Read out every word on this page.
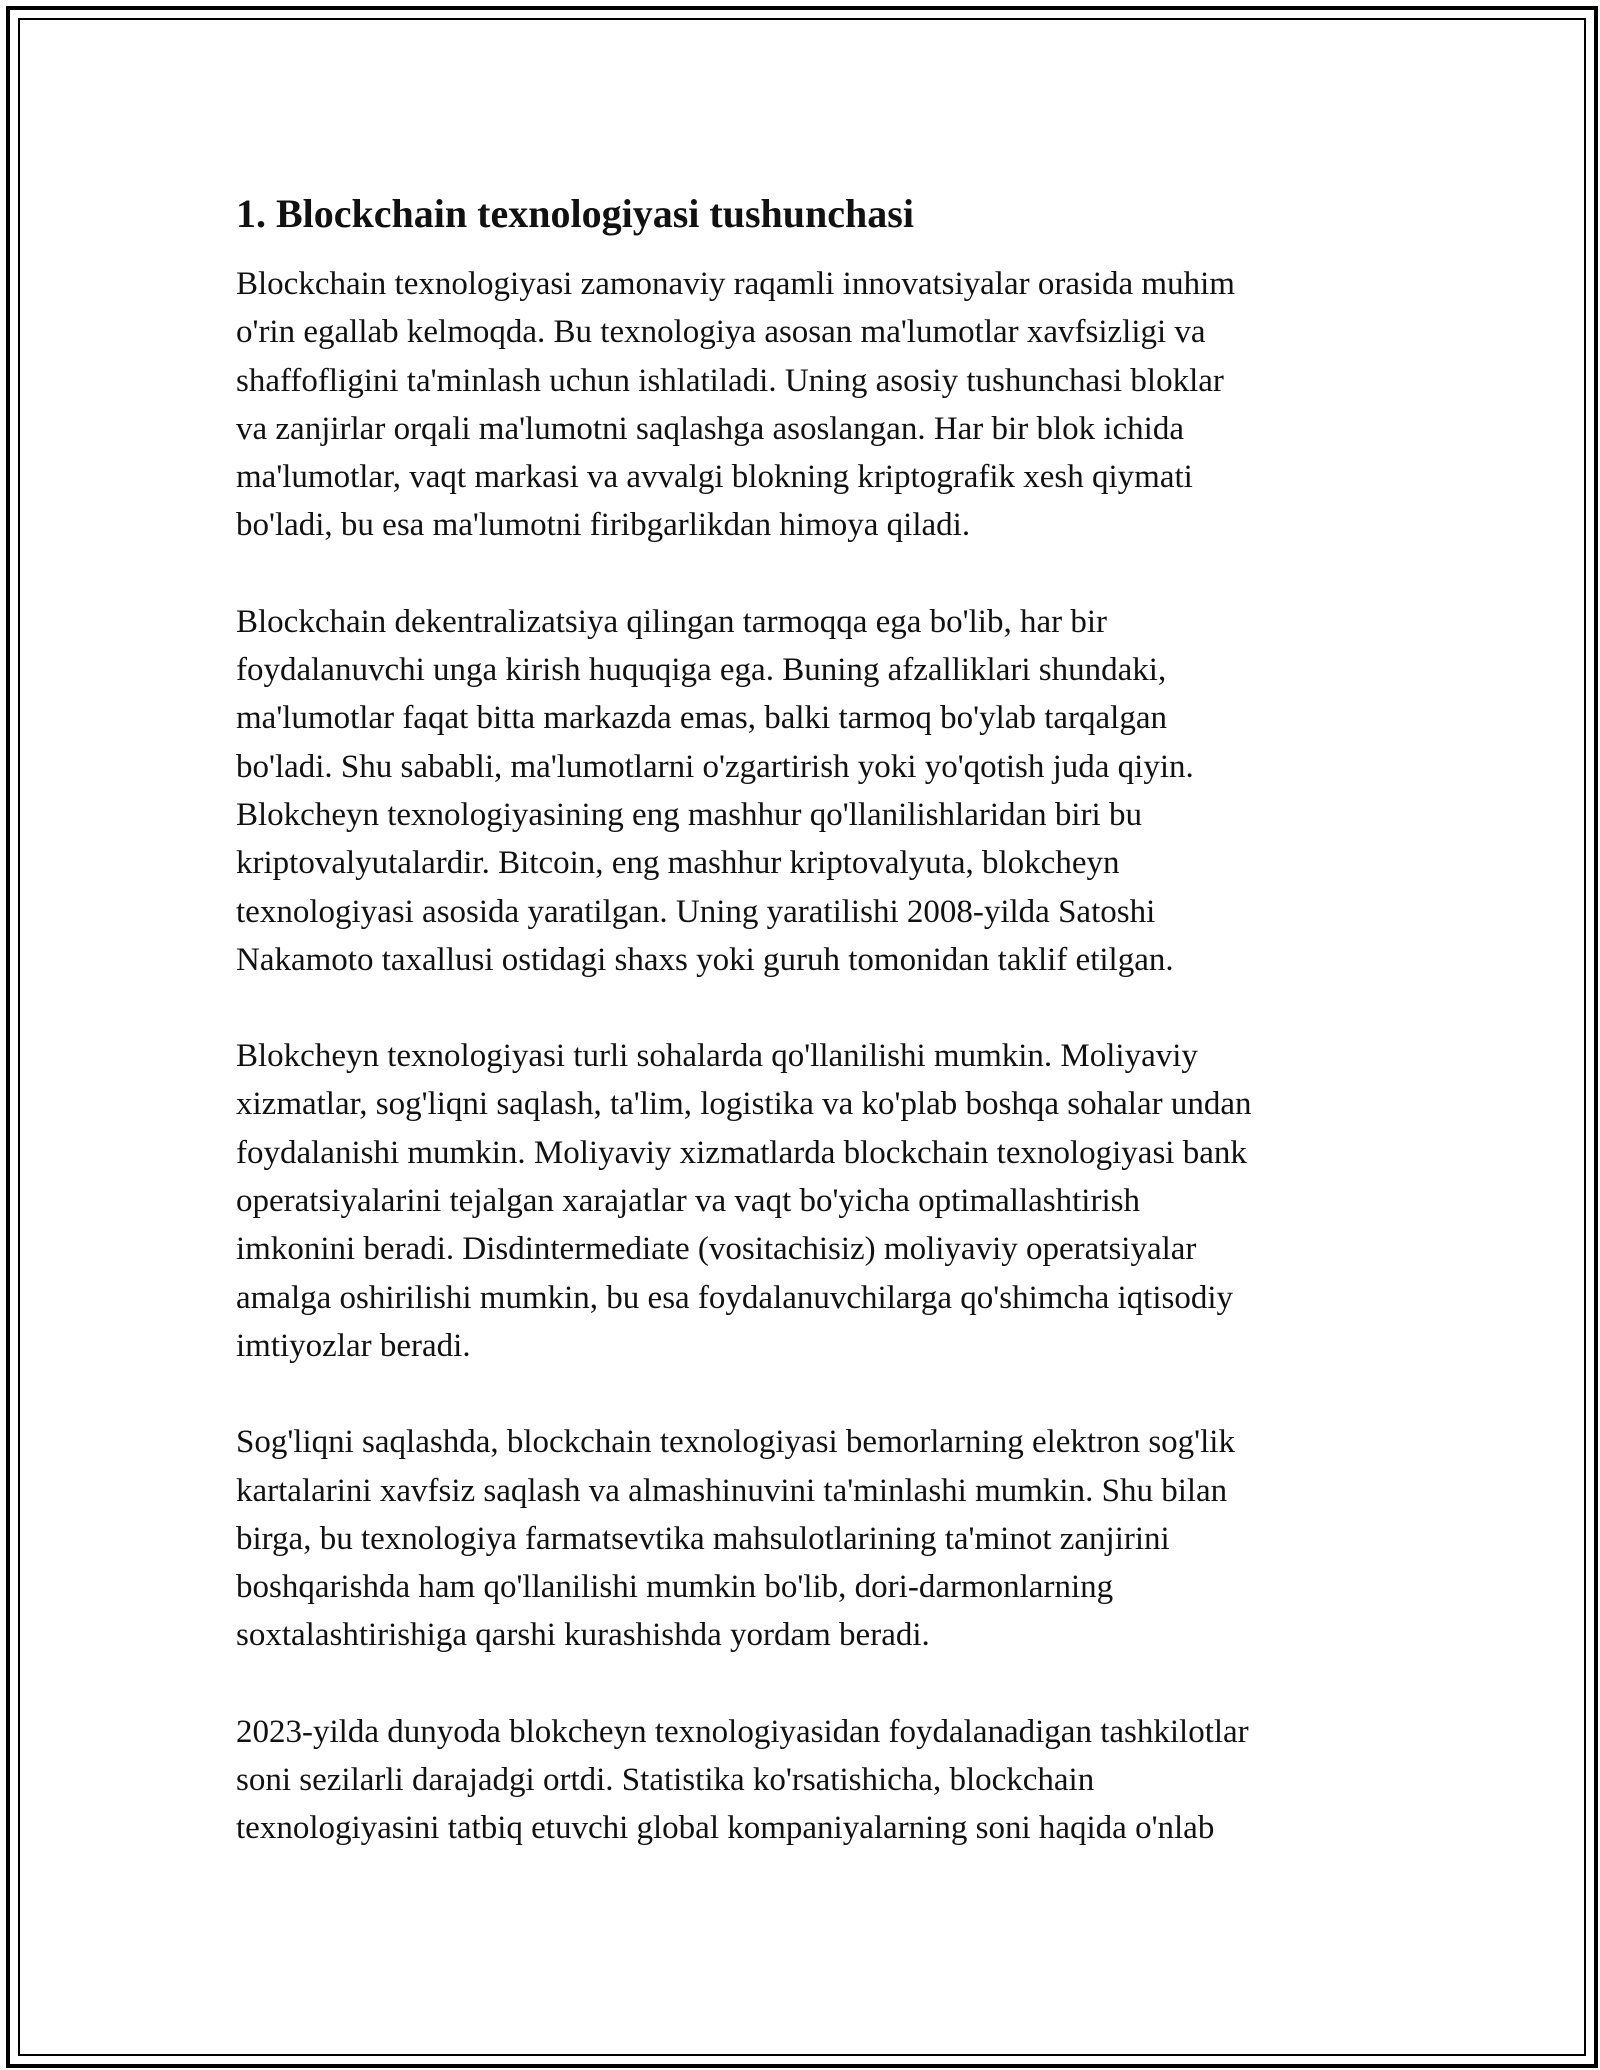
1. Blockchain texnologiyasi tushunchasi

Blockchain texnologiyasi zamonaviy raqamli innovatsiyalar orasida muhim
o'rin egallab kelmoqda. Bu texnologiya asosan ma'lumotlar xavfsizligi va
shaffofligini ta'minlash uchun ishlatiladi. Uning asosiy tushunchasi bloklar
va zanjirlar orqali ma'lumotni saqlashga asoslangan. Har bir blok ichida
ma'lumotlar, vaqt markasi va avvalgi blokning kriptografik xesh qiymati
bo'ladi, bu esa ma'lumotni firibgarlikdan himoya qiladi.

Blockchain dekentralizatsiya qilingan tarmoqqa ega bo'lib, har bir
foydalanuvchi unga kirish huquqiga ega. Buning afzalliklari shundaki,
ma'lumotlar faqat bitta markazda emas, balki tarmoq bo'ylab tarqalgan
bo'ladi. Shu sababli, ma'lumotlarni o'zgartirish yoki yo'qotish juda qiyin.
Blokcheyn texnologiyasining eng mashhur qo'llanilishlaridan biri bu
kriptovalyutalardir. Bitcoin, eng mashhur kriptovalyuta, blokcheyn
texnologiyasi asosida yaratilgan. Uning yaratilishi 2008-yilda Satoshi
Nakamoto taxallusi ostidagi shaxs yoki guruh tomonidan taklif etilgan.

Blokcheyn texnologiyasi turli sohalarda qo'llanilishi mumkin. Moliyaviy
xizmatlar, sog'liqni saqlash, ta'lim, logistika va ko'plab boshqa sohalar undan
foydalanishi mumkin. Moliyaviy xizmatlarda blockchain texnologiyasi bank
operatsiyalarini tejalgan xarajatlar va vaqt bo'yicha optimallashtirish
imkonini beradi. Disdintermediate (vositachisiz) moliyaviy operatsiyalar
amalga oshirilishi mumkin, bu esa foydalanuvchilarga qo'shimcha iqtisodiy
imtiyozlar beradi.

Sog'liqni saqlashda, blockchain texnologiyasi bemorlarning elektron sog'lik
kartalarini xavfsiz saqlash va almashinuvini ta'minlashi mumkin. Shu bilan
birga, bu texnologiya farmatsevtika mahsulotlarining ta'minot zanjirini
boshqarishda ham qo'llanilishi mumkin bo'lib, dori-darmonlarning
soxtalashtirishiga qarshi kurashishda yordam beradi.

2023-yilda dunyoda blokcheyn texnologiyasidan foydalanadigan tashkilotlar
soni sezilarli darajadgi ortdi. Statistika ko'rsatishicha, blockchain
texnologiyasini tatbiq etuvchi global kompaniyalarning soni haqida o'nlab
